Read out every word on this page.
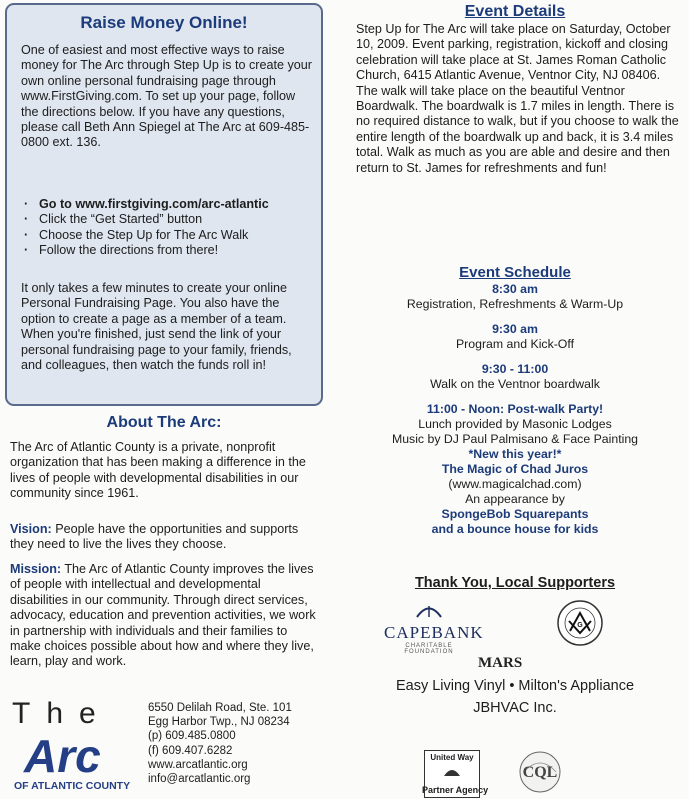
Raise Money Online!
One of easiest and most effective ways to raise money for The Arc through Step Up is to create your own online personal fundraising page through www.FirstGiving.com. To set up your page, follow the directions below. If you have any questions, please call Beth Ann Spiegel at The Arc at 609-485-0800 ext. 136.
· Go to www.firstgiving.com/arc-atlantic
· Click the “Get Started” button
· Choose the Step Up for The Arc Walk
· Follow the directions from there!
It only takes a few minutes to create your online Personal Fundraising Page. You also have the option to create a page as a member of a team. When you're finished, just send the link of your personal fundraising page to your family, friends, and colleagues, then watch the funds roll in!
About The Arc:
The Arc of Atlantic County is a private, nonprofit organization that has been making a difference in the lives of people with developmental disabilities in our community since 1961.
Vision: People have the opportunities and supports they need to live the lives they choose.
Mission: The Arc of Atlantic County improves the lives of people with intellectual and developmental disabilities in our community. Through direct services, advocacy, education and prevention activities, we work in partnership with individuals and their families to make choices possible about how and where they live, learn, play and work.
The
Arc
OF ATLANTIC COUNTY
6550 Delilah Road, Ste. 101
Egg Harbor Twp., NJ 08234
(p) 609.485.0800
(f) 609.407.6282
www.arcatlantic.org
info@arcatlantic.org
Event Details
Step Up for The Arc will take place on Saturday, October 10, 2009. Event parking, registration, kickoff and closing celebration will take place at St. James Roman Catholic Church, 6415 Atlantic Avenue, Ventnor City, NJ 08406. The walk will take place on the beautiful Ventnor Boardwalk. The boardwalk is 1.7 miles in length. There is no required distance to walk, but if you choose to walk the entire length of the boardwalk up and back, it is 3.4 miles total. Walk as much as you are able and desire and then return to St. James for refreshments and fun!
Event Schedule
8:30 am
Registration, Refreshments & Warm-Up
9:30 am
Program and Kick-Off
9:30 - 11:00
Walk on the Ventnor boardwalk
11:00 - Noon: Post-walk Party!
Lunch provided by Masonic Lodges
Music by DJ Paul Palmisano & Face Painting
*New this year!*
The Magic of Chad Juros
(www.magicalchad.com)
An appearance by
SpongeBob Squarepants
and a bounce house for kids
Thank You, Local Supporters
CAPEBANK
CHARITABLE FOUNDATION
G
MARS
Easy Living Vinyl • Milton's Appliance
JBHVAC Inc.
United Way
Partner Agency
CQL
